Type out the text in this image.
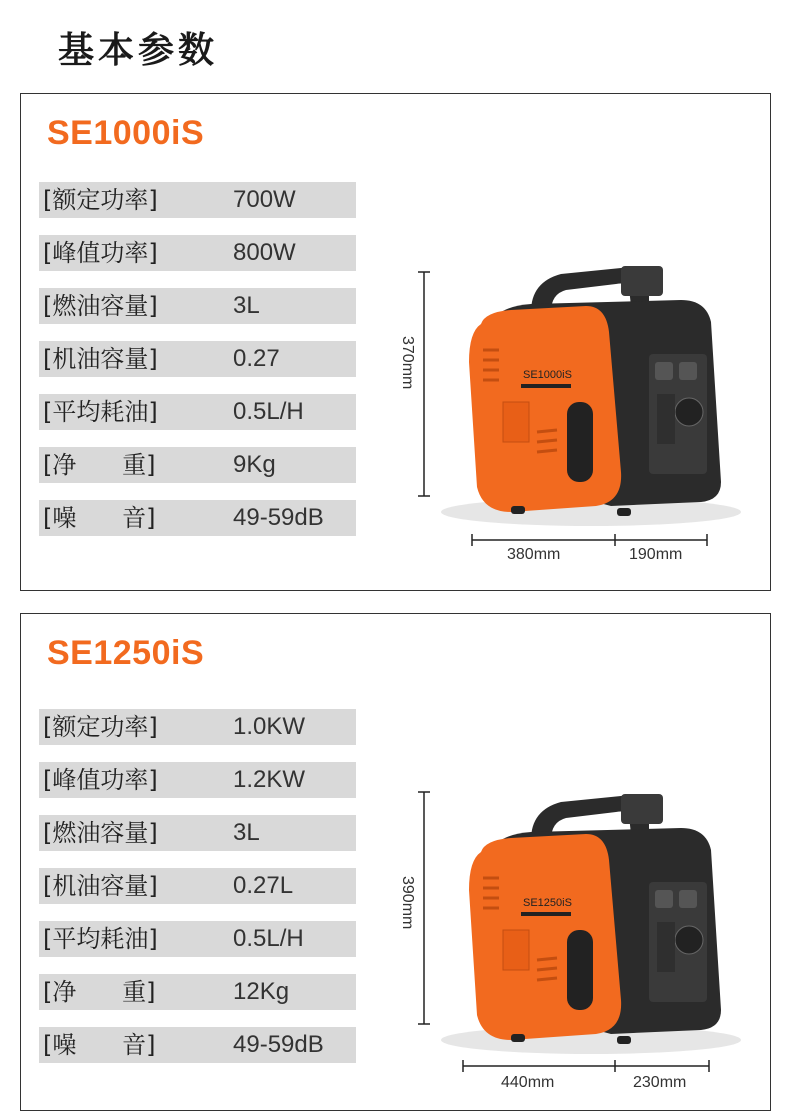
基本参数
SE1000iS
[额定功率]	700W
[峰值功率]	800W
[燃油容量]	3L
[机油容量]	0.27
[平均耗油]	0.5L/H
[净      重]	9Kg
[噪      音]	49-59dB
370mm
380mm	190mm
SE1000iS
SE1250iS
[额定功率]	1.0KW
[峰值功率]	1.2KW
[燃油容量]	3L
[机油容量]	0.27L
[平均耗油]	0.5L/H
[净      重]	12Kg
[噪      音]	49-59dB
390mm
440mm	230mm
SE1250iS
